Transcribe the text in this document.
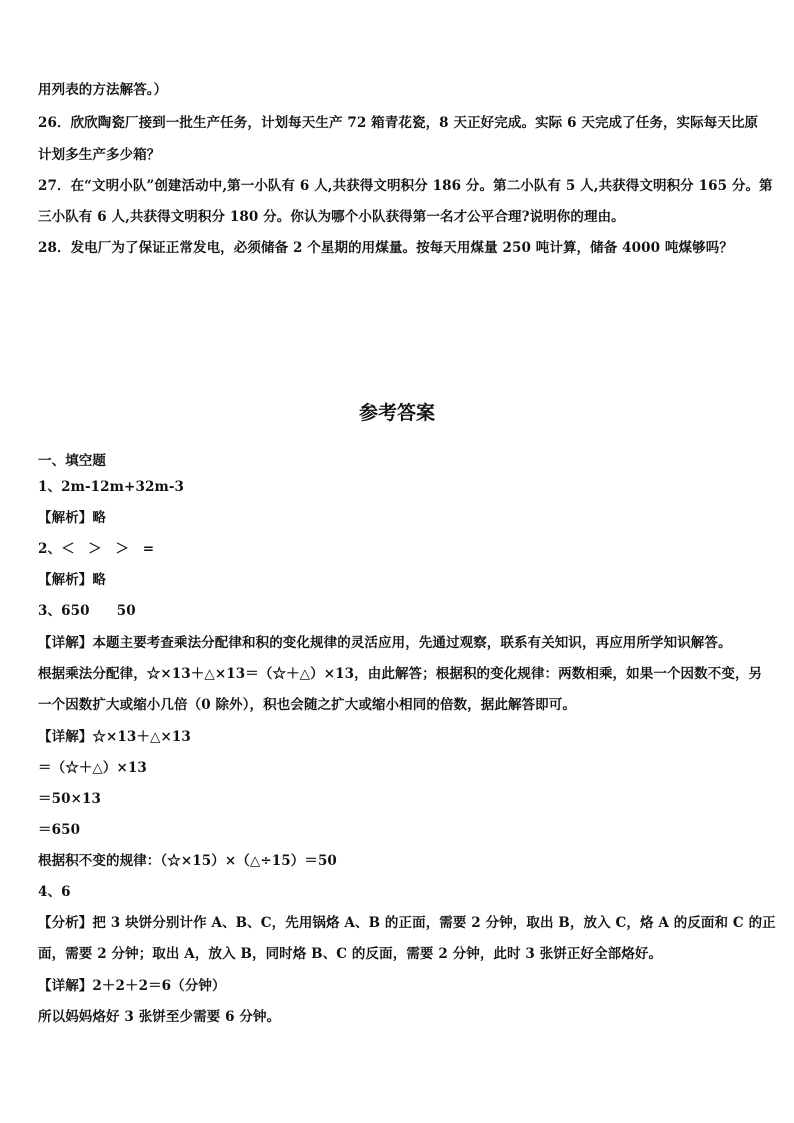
用列表的方法解答。）
26．欣欣陶瓷厂接到一批生产任务，计划每天生产 72 箱青花瓷，8 天正好完成。实际 6 天完成了任务，实际每天比原
计划多生产多少箱？
27．在“文明小队”创建活动中,第一小队有 6 人,共获得文明积分 186 分。第二小队有 5 人,共获得文明积分 165 分。第
三小队有 6 人,共获得文明积分 180 分。你认为哪个小队获得第一名才公平合理?说明你的理由。
28．发电厂为了保证正常发电，必须储备 2 个星期的用煤量。按每天用煤量 250 吨计算，储备 4000 吨煤够吗？
参考答案
一、填空题
1、2m-12m+32m-3
【解析】略
2、＜　＞　＞　=
【解析】略
3、650　　50
【详解】本题主要考查乘法分配律和积的变化规律的灵活应用，先通过观察，联系有关知识，再应用所学知识解答。
根据乘法分配律，☆×13＋△×13＝（☆＋△）×13，由此解答；根据积的变化规律：两数相乘，如果一个因数不变，另
一个因数扩大或缩小几倍（0 除外），积也会随之扩大或缩小相同的倍数，据此解答即可。
【详解】☆×13＋△×13
＝（☆＋△）×13
＝50×13
＝650
根据积不变的规律：（☆×15）×（△÷15）＝50
4、6
【分析】把 3 块饼分别计作 A、B、C，先用锅烙 A、B 的正面，需要 2 分钟，取出 B，放入 C，烙 A 的反面和 C 的正
面，需要 2 分钟；取出 A，放入 B，同时烙 B、C 的反面，需要 2 分钟，此时 3 张饼正好全部烙好。
【详解】2＋2＋2＝6（分钟）
所以妈妈烙好 3 张饼至少需要 6 分钟。
